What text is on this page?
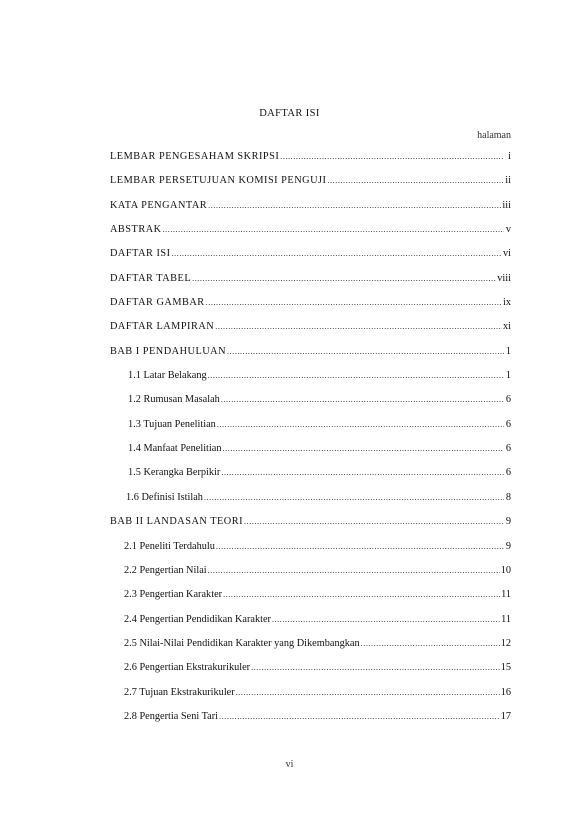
DAFTAR ISI
halaman
LEMBAR PENGESAHAM SKRIPSI .....	i
LEMBAR PERSETUJUAN KOMISI PENGUJI .....	ii
KATA PENGANTAR .....	iii
ABSTRAK .....	v
DAFTAR ISI .....	vi
DAFTAR TABEL .....	viii
DAFTAR GAMBAR .....	ix
DAFTAR LAMPIRAN .....	xi
BAB I PENDAHULUAN .....	1
1.1 Latar Belakang .....	1
1.2 Rumusan Masalah .....	6
1.3 Tujuan Penelitian .....	6
1.4 Manfaat Penelitian .....	6
1.5 Kerangka Berpikir .....	6
1.6 Definisi Istilah .....	8
BAB II LANDASAN TEORI .....	9
2.1 Peneliti Terdahulu .....	9
2.2 Pengertian Nilai .....	10
2.3 Pengertian Karakter .....	11
2.4 Pengertian Pendidikan Karakter .....	11
2.5 Nilai-Nilai Pendidikan Karakter yang Dikembangkan .....	12
2.6 Pengertian Ekstrakurikuler .....	15
2.7 Tujuan Ekstrakurikuler .....	16
2.8 Pengertia Seni Tari .....	17
vi
